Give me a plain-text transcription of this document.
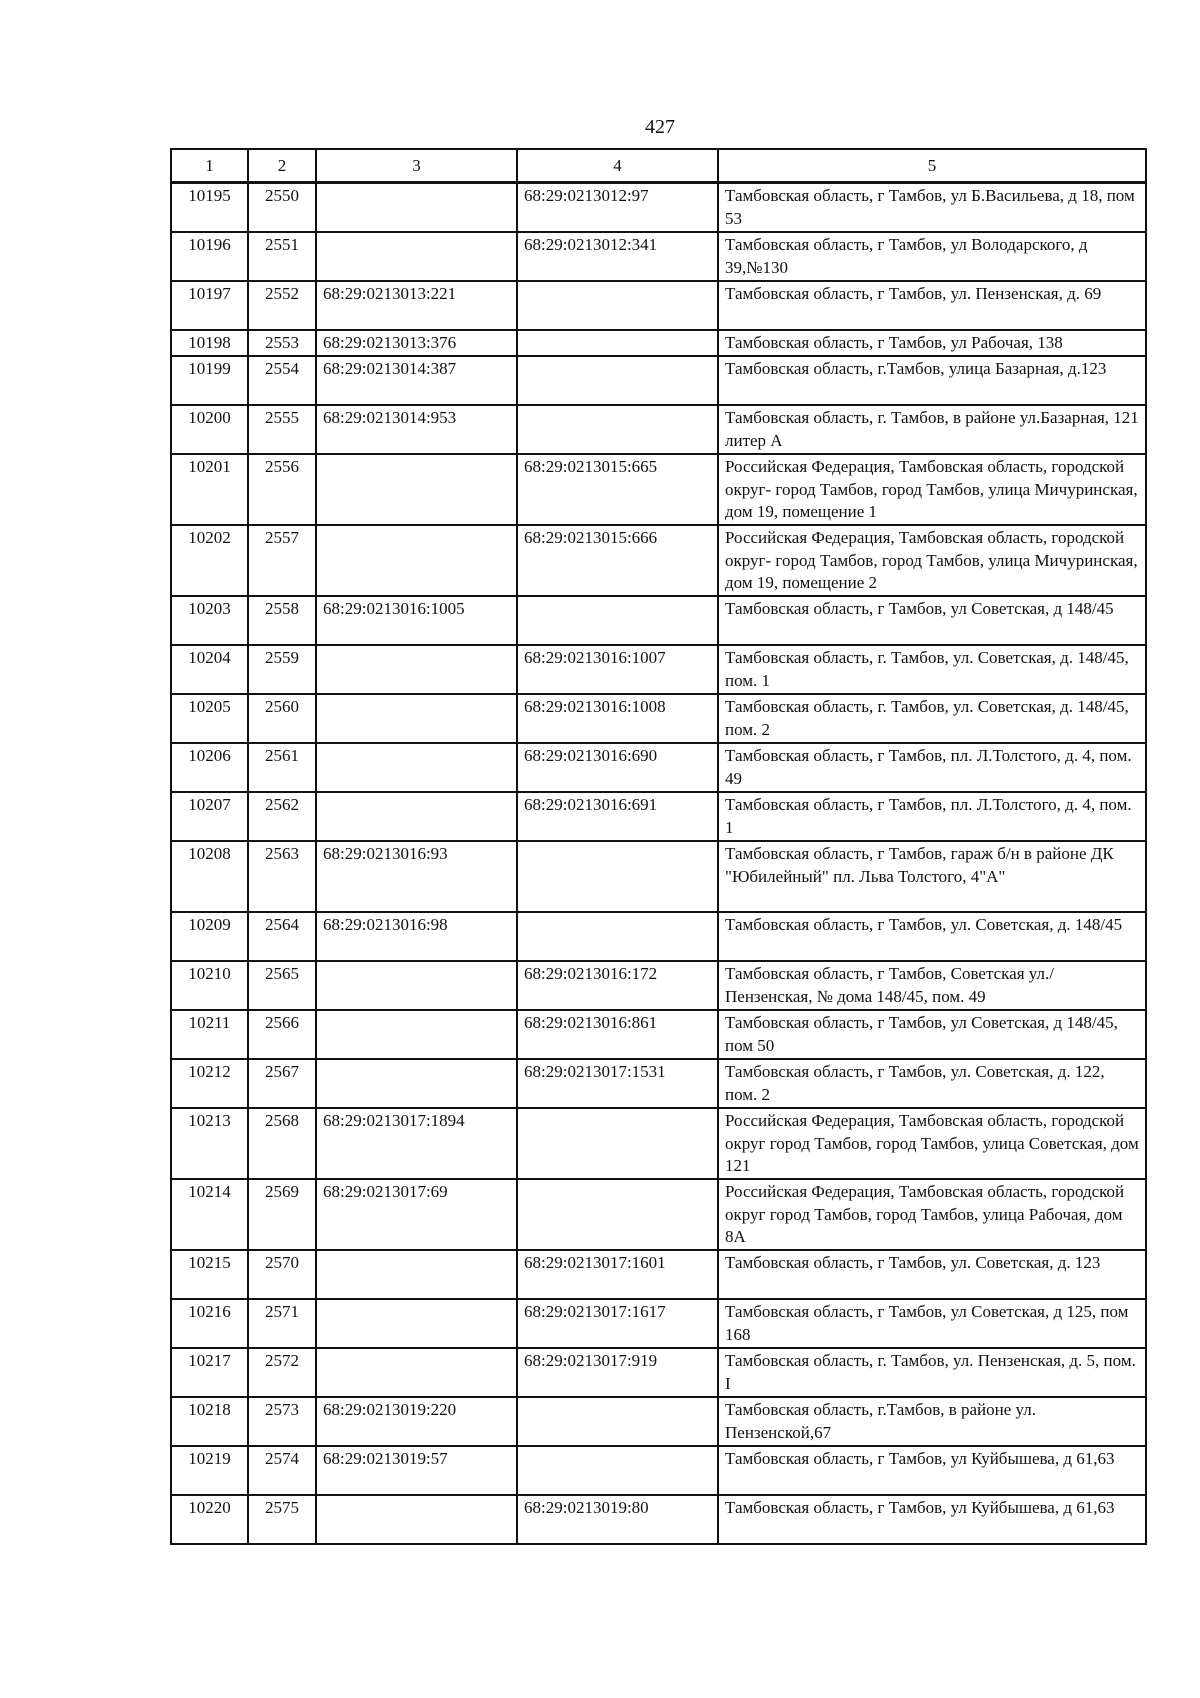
427
1	2	3	4	5
10195	2550		68:29:0213012:97	Тамбовская область, г Тамбов, ул Б.Васильева, д 18, пом 53
10196	2551		68:29:0213012:341	Тамбовская область, г Тамбов, ул Володарского, д 39,№130
10197	2552	68:29:0213013:221		Тамбовская область, г Тамбов, ул. Пензенская, д. 69
10198	2553	68:29:0213013:376		Тамбовская область, г Тамбов, ул Рабочая, 138
10199	2554	68:29:0213014:387		Тамбовская область, г.Тамбов, улица Базарная, д.123
10200	2555	68:29:0213014:953		Тамбовская область, г. Тамбов, в районе ул.Базарная, 121 литер А
10201	2556		68:29:0213015:665	Российская Федерация, Тамбовская область, городской округ- город Тамбов, город Тамбов, улица Мичуринская, дом 19, помещение 1
10202	2557		68:29:0213015:666	Российская Федерация, Тамбовская область, городской округ- город Тамбов, город Тамбов, улица Мичуринская, дом 19, помещение 2
10203	2558	68:29:0213016:1005		Тамбовская область, г Тамбов, ул Советская, д 148/45
10204	2559		68:29:0213016:1007	Тамбовская область, г. Тамбов, ул. Советская, д. 148/45, пом. 1
10205	2560		68:29:0213016:1008	Тамбовская область, г. Тамбов, ул. Советская, д. 148/45, пом. 2
10206	2561		68:29:0213016:690	Тамбовская область, г Тамбов, пл. Л.Толстого, д. 4, пом. 49
10207	2562		68:29:0213016:691	Тамбовская область, г Тамбов, пл. Л.Толстого, д. 4, пом. 1
10208	2563	68:29:0213016:93		Тамбовская область, г Тамбов, гараж б/н в районе ДК "Юбилейный" пл. Льва Толстого, 4"А"
10209	2564	68:29:0213016:98		Тамбовская область, г Тамбов, ул. Советская, д. 148/45
10210	2565		68:29:0213016:172	Тамбовская область, г Тамбов, Советская ул./Пензенская, № дома 148/45, пом. 49
10211	2566		68:29:0213016:861	Тамбовская область, г Тамбов, ул Советская, д 148/45, пом 50
10212	2567		68:29:0213017:1531	Тамбовская область, г Тамбов, ул. Советская, д. 122, пом. 2
10213	2568	68:29:0213017:1894		Российская Федерация, Тамбовская область, городской округ город Тамбов, город Тамбов, улица Советская, дом 121
10214	2569	68:29:0213017:69		Российская Федерация, Тамбовская область, городской округ город Тамбов, город Тамбов, улица Рабочая, дом 8А
10215	2570		68:29:0213017:1601	Тамбовская область, г Тамбов, ул. Советская, д. 123
10216	2571		68:29:0213017:1617	Тамбовская область, г Тамбов, ул Советская, д 125, пом 168
10217	2572		68:29:0213017:919	Тамбовская область, г. Тамбов, ул. Пензенская, д. 5, пом. I
10218	2573	68:29:0213019:220		Тамбовская область, г.Тамбов, в районе ул. Пензенской,67
10219	2574	68:29:0213019:57		Тамбовская область, г Тамбов, ул Куйбышева, д 61,63
10220	2575		68:29:0213019:80	Тамбовская область, г Тамбов, ул Куйбышева, д 61,63
